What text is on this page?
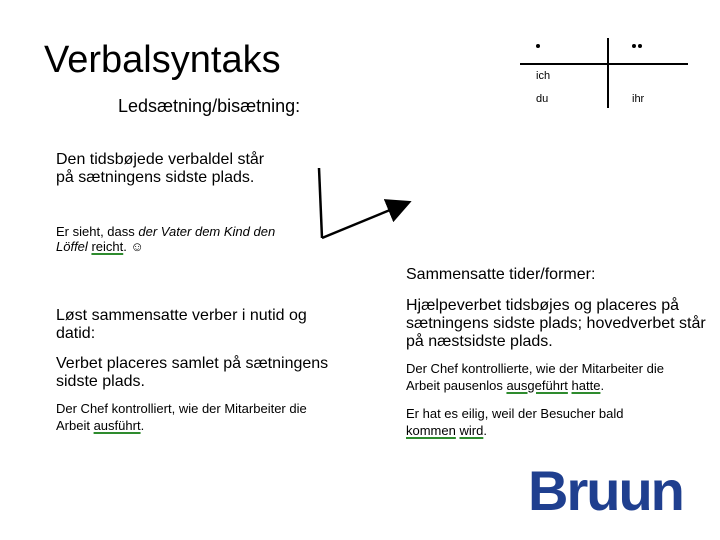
Verbalsyntaks
Ledsætning/bisætning:
ich
du	ihr
Den tidsbøjede verbaldel står på sætningens sidste plads.
Er sieht, dass der Vater dem Kind den Löffel reicht. ☺
Sammensatte tider/former:
Løst sammensatte verber i nutid og datid:
Hjælpeverbet tidsbøjes og placeres på sætningens sidste plads; hovedverbet står på næstsidste plads.
Verbet placeres samlet på sætningens sidste plads.
Der Chef kontrollierte, wie der Mitarbeiter die Arbeit pausenlos ausgeführt hatte.
Der Chef kontrolliert, wie der Mitarbeiter die Arbeit ausführt.
Er hat es eilig, weil der Besucher bald kommen wird.
Bruun
